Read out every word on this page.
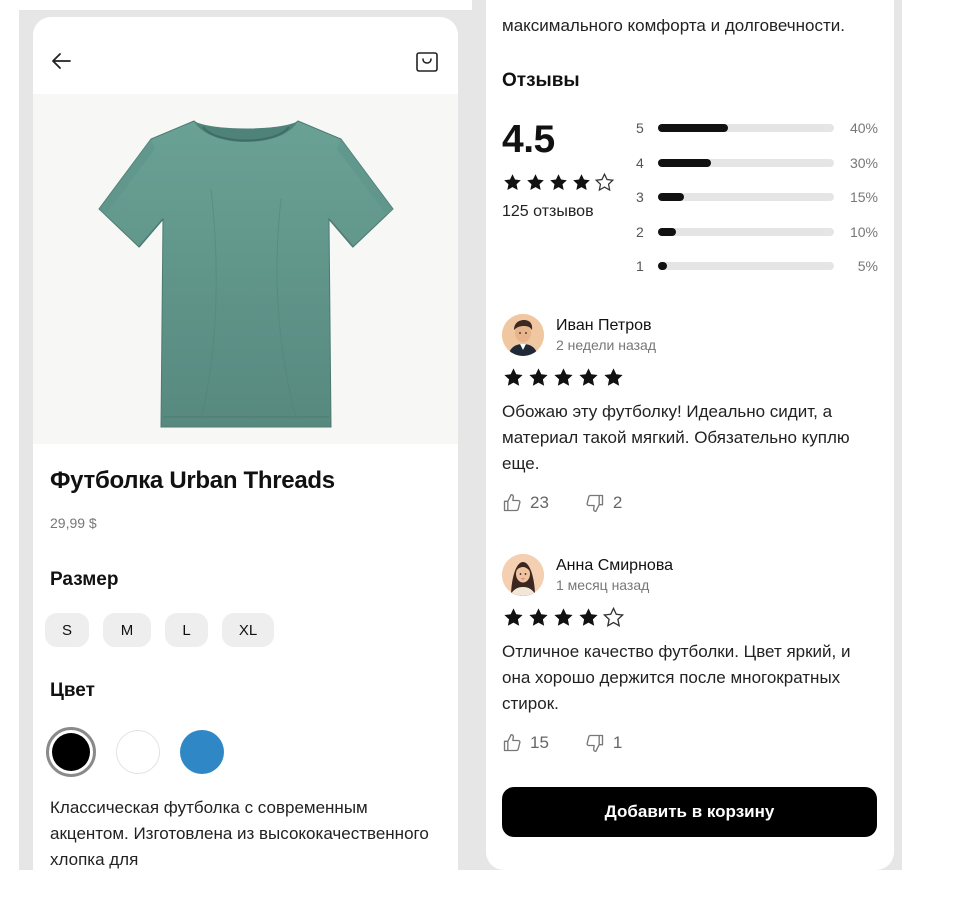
Футболка Urban Threads
29,99 $
Размер
S	M	L	XL
Цвет
Классическая футболка с современным акцентом. Изготовлена из высококачественного хлопка для
максимального комфорта и долговечности.
Отзывы
4.5
125 отзывов
5	40%
4	30%
3	15%
2	10%
1	5%
Иван Петров
2 недели назад
Обожаю эту футболку! Идеально сидит, а материал такой мягкий. Обязательно куплю еще.
23	2
Анна Смирнова
1 месяц назад
Отличное качество футболки. Цвет яркий, и она хорошо держится после многократных стирок.
15	1
Добавить в корзину
